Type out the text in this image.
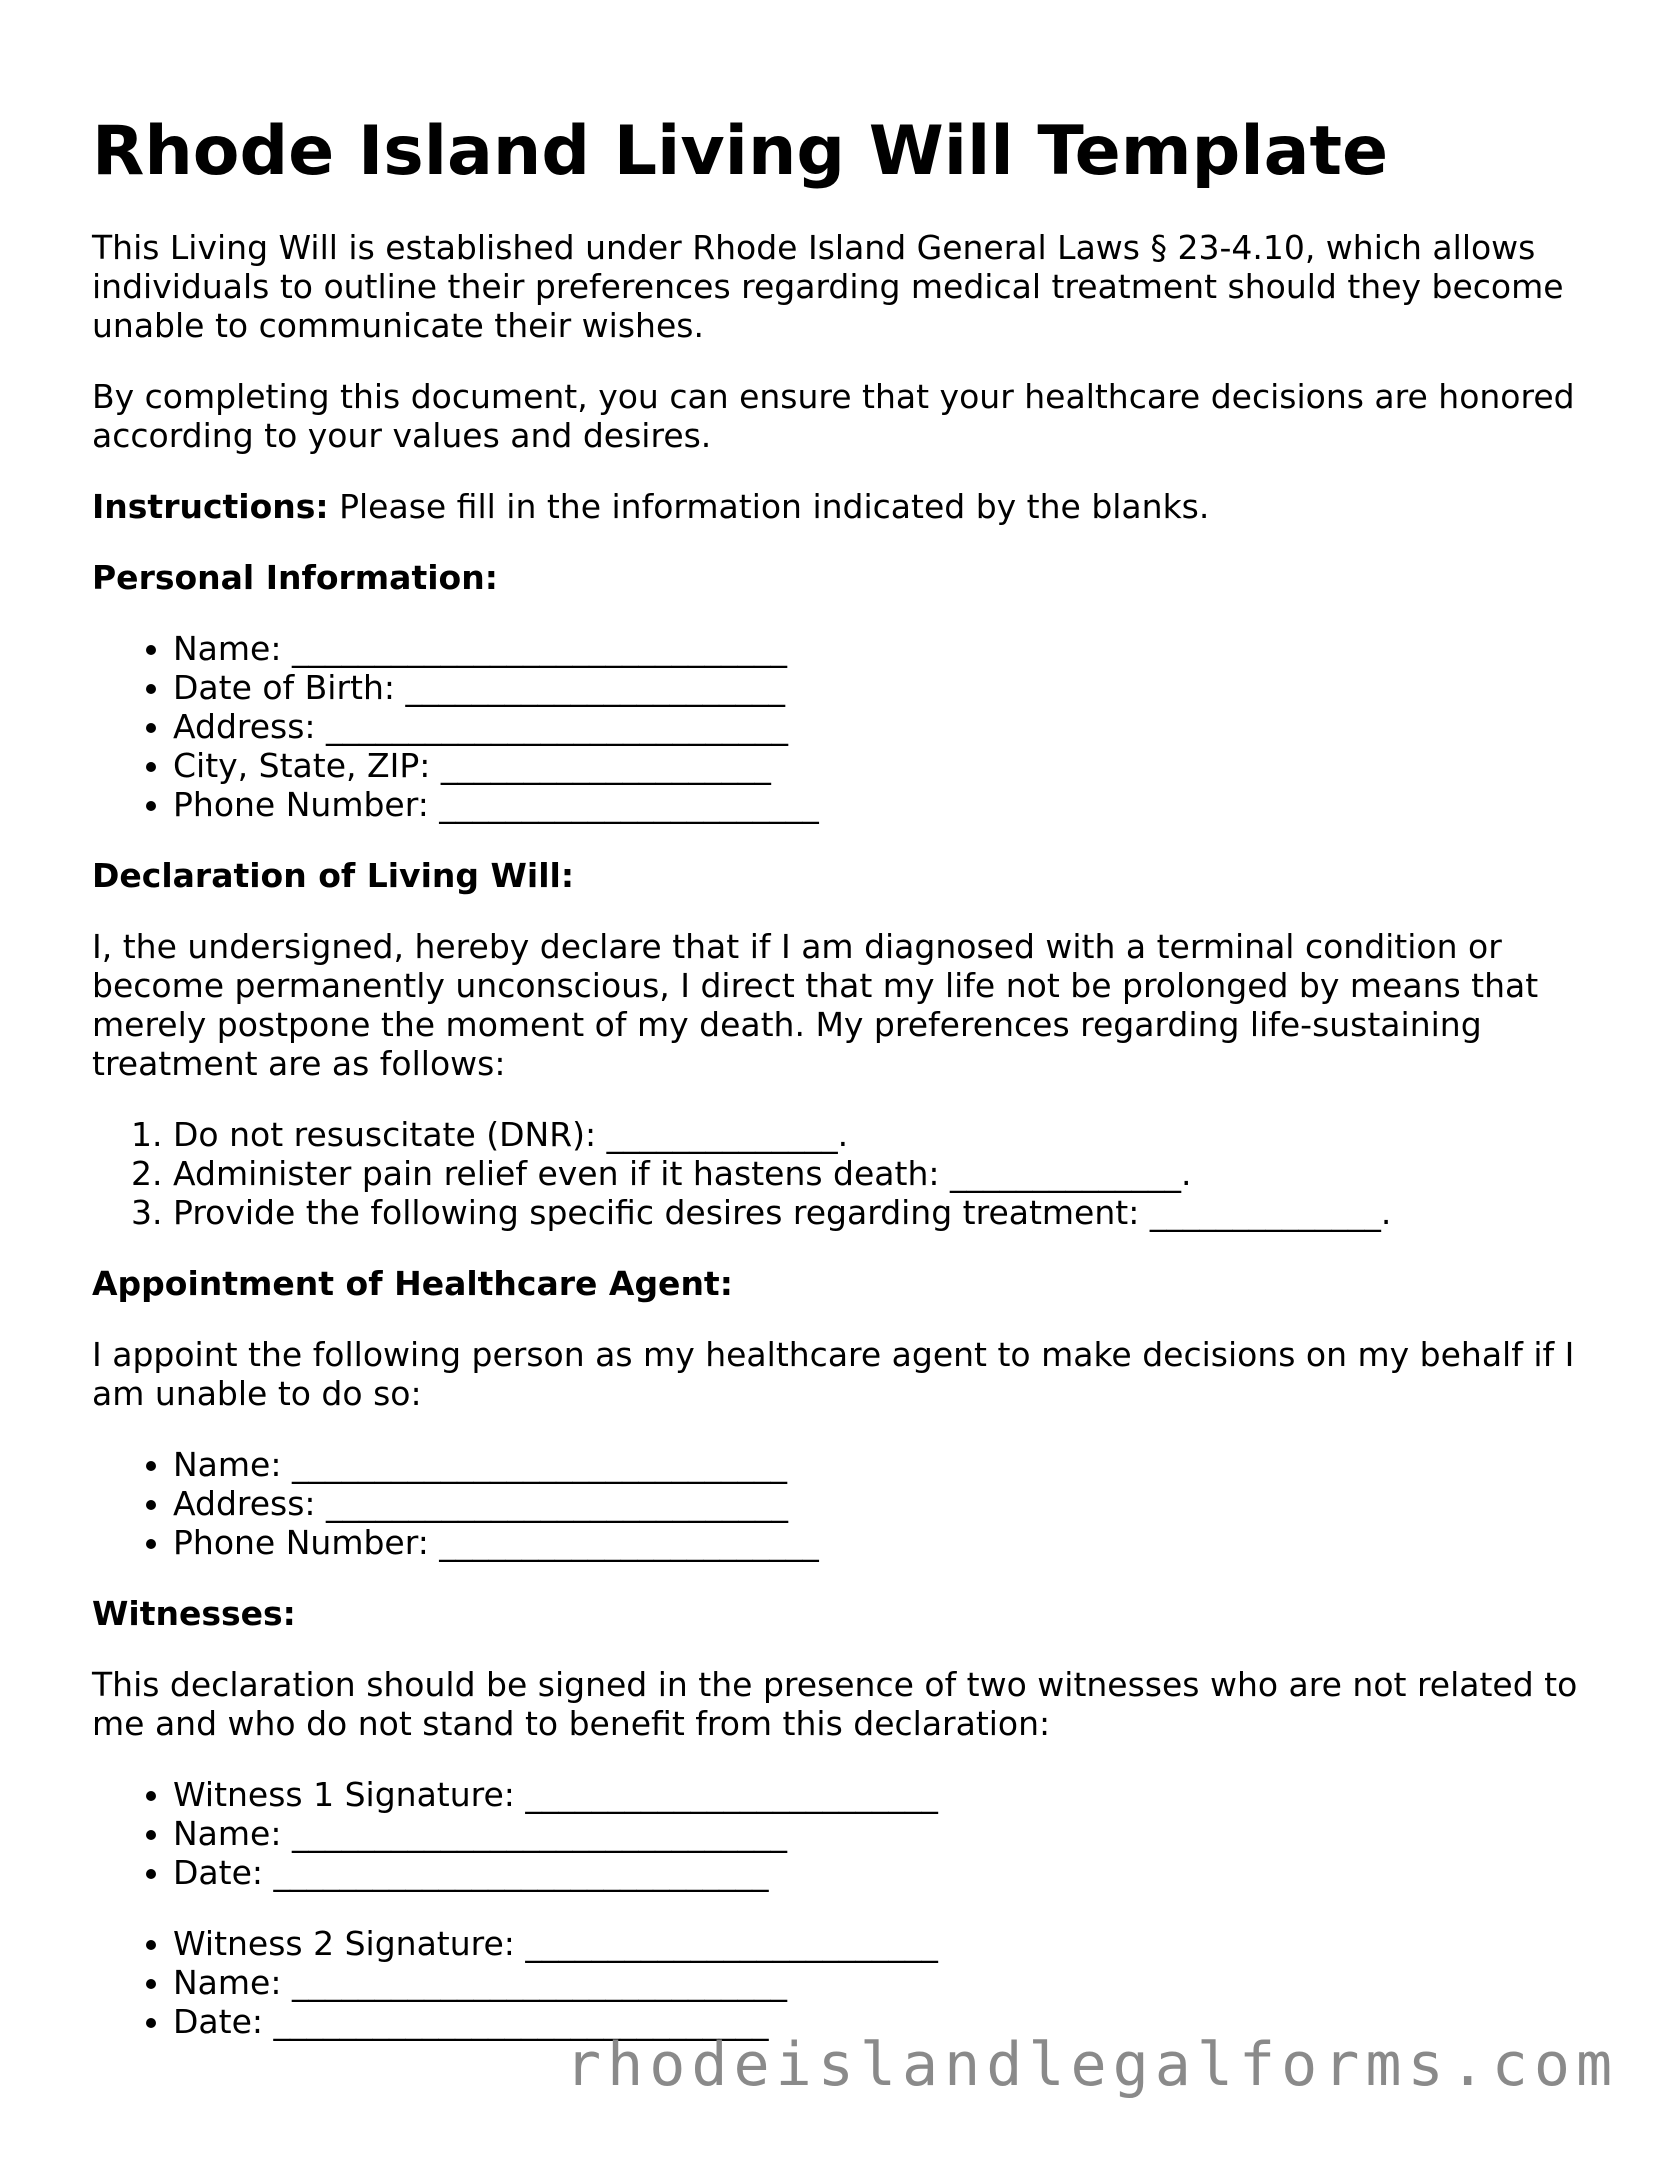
Rhode Island Living Will Template

This Living Will is established under Rhode Island General Laws § 23-4.10, which allows individuals to outline their preferences regarding medical treatment should they become unable to communicate their wishes.

By completing this document, you can ensure that your healthcare decisions are honored according to your values and desires.

Instructions: Please fill in the information indicated by the blanks.

Personal Information:
• Name: ______________________________
• Date of Birth: _______________________
• Address: ____________________________
• City, State, ZIP: ____________________
• Phone Number: _______________________
Declaration of Living Will:

I, the undersigned, hereby declare that if I am diagnosed with a terminal condition or become permanently unconscious, I direct that my life not be prolonged by means that merely postpone the moment of my death. My preferences regarding life-sustaining treatment are as follows:

1. Do not resuscitate (DNR): ______________.
2. Administer pain relief even if it hastens death: ______________.
3. Provide the following specific desires regarding treatment: ______________.
Appointment of Healthcare Agent:

I appoint the following person as my healthcare agent to make decisions on my behalf if I am unable to do so:

• Name: ______________________________
• Address: ____________________________
• Phone Number: _______________________
Witnesses:

This declaration should be signed in the presence of two witnesses who are not related to me and who do not stand to benefit from this declaration:

• Witness 1 Signature: _________________________
• Name: ______________________________
• Date: ______________________________
• Witness 2 Signature: _________________________
• Name: ______________________________
• Date: ______________________________
rhodeislandlegalforms.com
